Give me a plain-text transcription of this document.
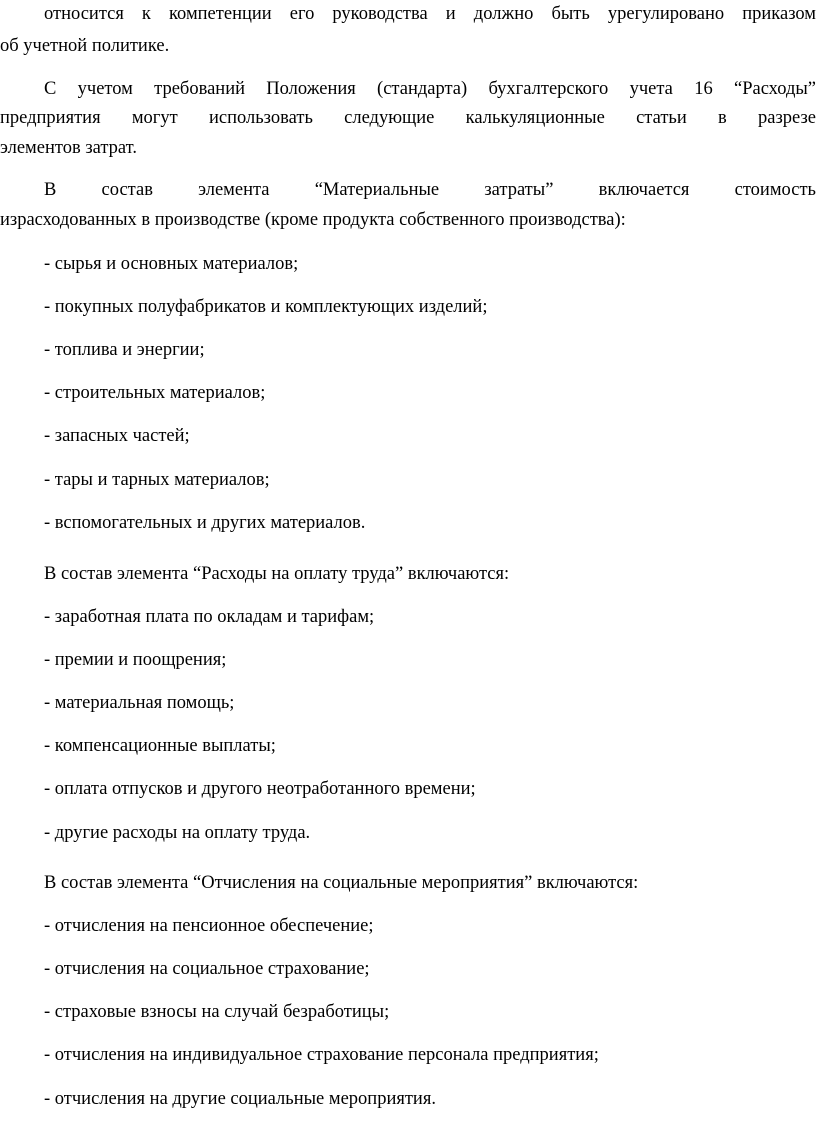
относится к компетенции его руководства и должно быть урегулировано приказом

об учетной политике.

С учетом требований Положения (стандарта) бухгалтерского учета 16 “Расходы”

предприятия могут использовать следующие калькуляционные статьи в разрезе

элементов затрат.

В состав элемента “Материальные затраты” включается стоимость

израсходованных в производстве (кроме продукта собственного производства):

- сырья и основных материалов;

- покупных полуфабрикатов и комплектующих изделий;

- топлива и энергии;

- строительных материалов;

- запасных частей;

- тары и тарных материалов;

- вспомогательных и других материалов.

В состав элемента “Расходы на оплату труда” включаются:

- заработная плата по окладам и тарифам;

- премии и поощрения;

- материальная помощь;

- компенсационные выплаты;

- оплата отпусков и другого неотработанного времени;

- другие расходы на оплату труда.

В состав элемента “Отчисления на социальные мероприятия” включаются:

- отчисления на пенсионное обеспечение;

- отчисления на социальное страхование;

- страховые взносы на случай безработицы;

- отчисления на индивидуальное страхование персонала предприятия;

- отчисления на другие социальные мероприятия.
